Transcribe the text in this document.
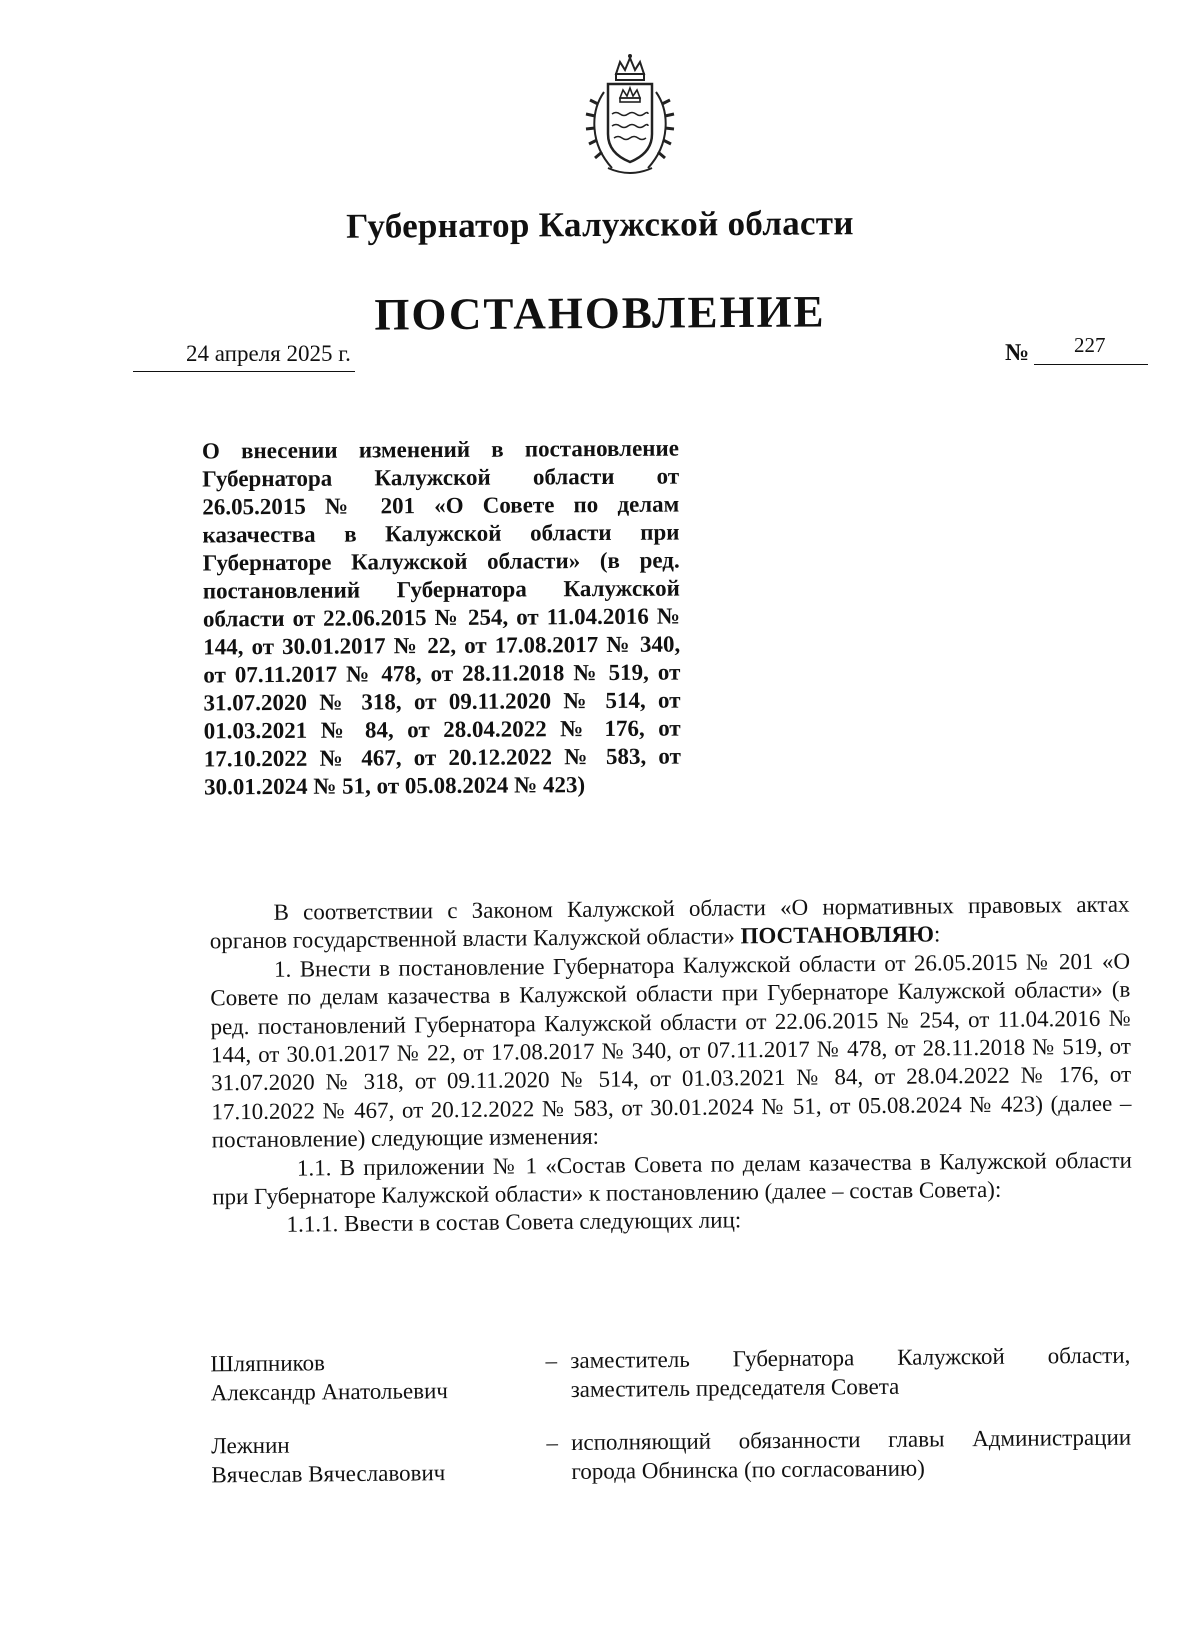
Губернатор Калужской области
ПОСТАНОВЛЕНИЕ
24 апреля 2025 г.	№ 227
О внесении изменений в постановление Губернатора Калужской области от 26.05.2015 № 201 «О Совете по делам казачества в Калужской области при Губернаторе Калужской области» (в ред. постановлений Губернатора Калужской области от 22.06.2015 № 254, от 11.04.2016 № 144, от 30.01.2017 № 22, от 17.08.2017 № 340, от 07.11.2017 № 478, от 28.11.2018 № 519, от 31.07.2020 № 318, от 09.11.2020 № 514, от 01.03.2021 № 84, от 28.04.2022 № 176, от 17.10.2022 № 467, от 20.12.2022 № 583, от 30.01.2024 № 51, от 05.08.2024 № 423)

В соответствии с Законом Калужской области «О нормативных правовых актах органов государственной власти Калужской области» ПОСТАНОВЛЯЮ:

1. Внести в постановление Губернатора Калужской области от 26.05.2015 № 201 «О Совете по делам казачества в Калужской области при Губернаторе Калужской области» (в ред. постановлений Губернатора Калужской области от 22.06.2015 № 254, от 11.04.2016 № 144, от 30.01.2017 № 22, от 17.08.2017 № 340, от 07.11.2017 № 478, от 28.11.2018 № 519, от 31.07.2020 № 318, от 09.11.2020 № 514, от 01.03.2021 № 84, от 28.04.2022 № 176, от 17.10.2022 № 467, от 20.12.2022 № 583, от 30.01.2024 № 51, от 05.08.2024 № 423) (далее – постановление) следующие изменения:

1.1. В приложении № 1 «Состав Совета по делам казачества в Калужской области при Губернаторе Калужской области» к постановлению (далее – состав Совета):

1.1.1. Ввести в состав Совета следующих лиц:

Шляпников
Александр Анатольевич
– заместитель Губернатора Калужской области, заместитель председателя Совета
Лежнин
Вячеслав Вячеславович
– исполняющий обязанности главы Администрации города Обнинска (по согласованию)
